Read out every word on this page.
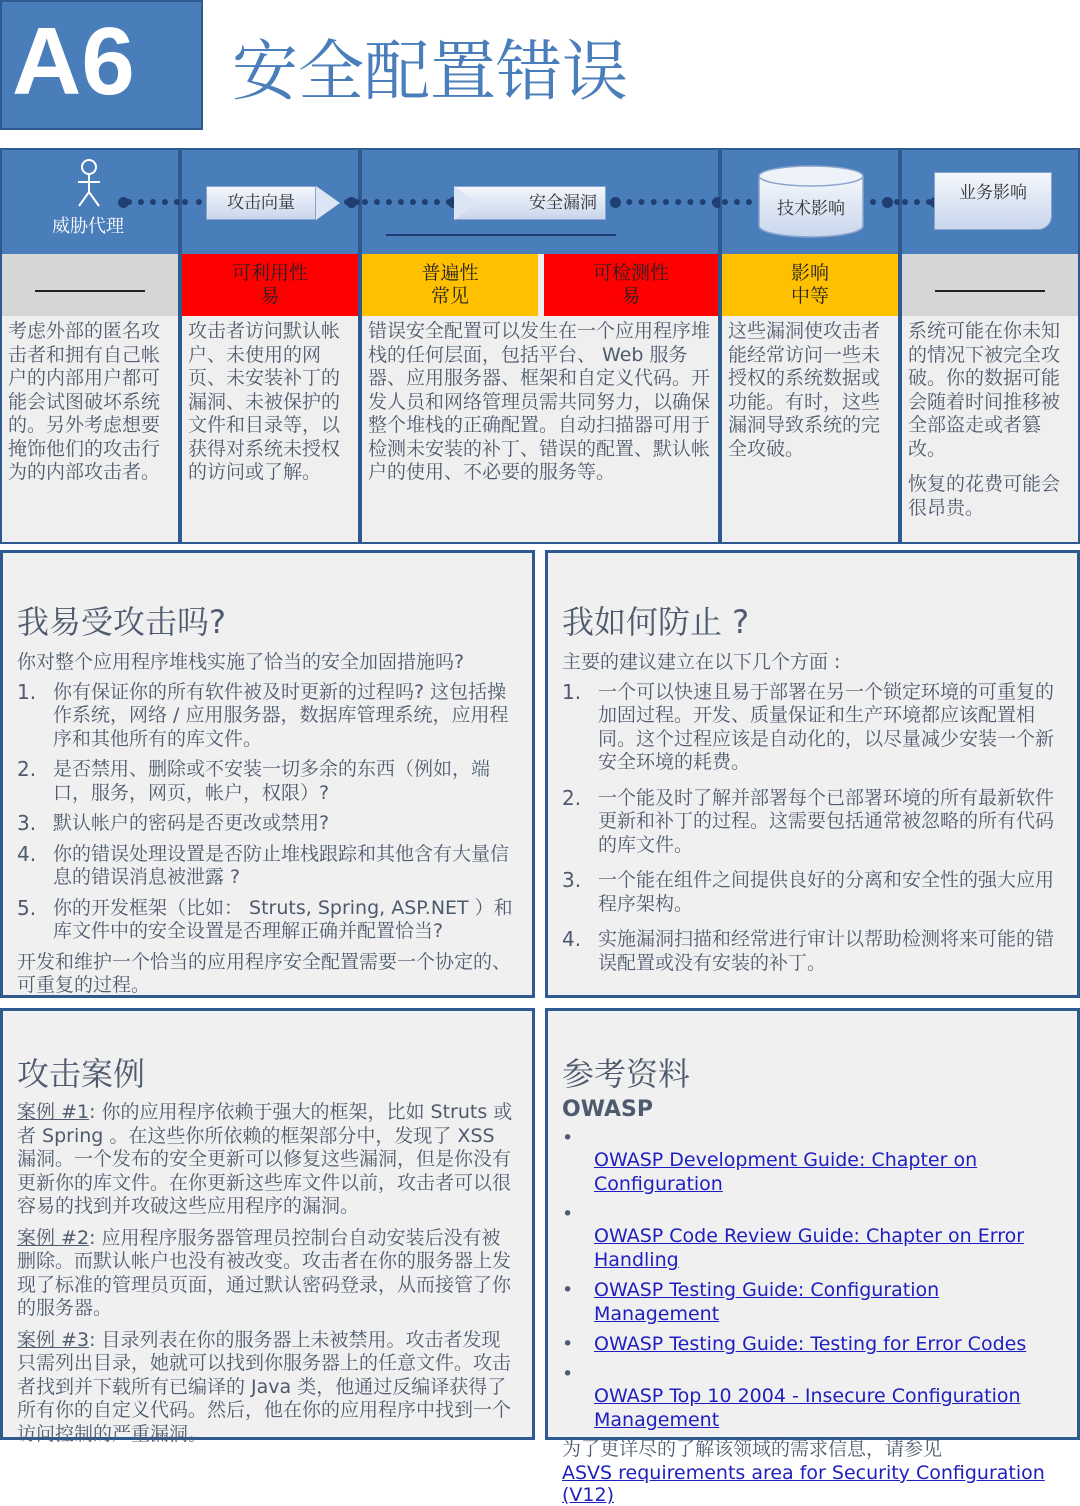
A6 安全配置错误
威胁代理
考虑外部的匿名攻击者和拥有自己帐户的内部用户都可能会试图破坏系统的。另外考虑想要掩饰他们的攻击行为的内部攻击者。
攻击向量
可利用性
易
攻击者访问默认帐户、未使用的网页、未安装补丁的漏洞、未被保护的文件和目录等，以获得对系统未授权的访问或了解。
安全漏洞
普遍性
常见
可检测性
易
错误安全配置可以发生在一个应用程序堆栈的任何层面，包括平台、 Web 服务器、应用服务器、框架和自定义代码。开发人员和网络管理员需共同努力，以确保整个堆栈的正确配置。自动扫描器可用于检测未安装的补丁、错误的配置、默认帐户的使用、不必要的服务等。
技术影响
影响
中等
这些漏洞使攻击者能经常访问一些未授权的系统数据或功能。有时，这些漏洞导致系统的完全攻破。
业务影响

系统可能在你未知的情况下被完全攻破。你的数据可能会随着时间推移被全部盗走或者篡改。

恢复的花费可能会很昂贵。

我易受攻击吗?
你对整个应用程序堆栈实施了恰当的安全加固措施吗?
1. 你有保证你的所有软件被及时更新的过程吗? 这包括操作系统，网络 / 应用服务器，数据库管理系统，应用程序和其他所有的库文件。
2. 是否禁用、删除或不安装一切多余的东西（例如，端口，服务，网页，帐户，权限）?
3. 默认帐户的密码是否更改或禁用?
4. 你的错误处理设置是否防止堆栈跟踪和其他含有大量信息的错误消息被泄露 ?
5. 你的开发框架（比如： Struts, Spring, ASP.NET ）和库文件中的安全设置是否理解正确并配置恰当?
开发和维护一个恰当的应用程序安全配置需要一个协定的、可重复的过程。
我如何防止 ?
主要的建议建立在以下几个方面 :
1. 一个可以快速且易于部署在另一个锁定环境的可重复的加固过程。开发、质量保证和生产环境都应该配置相同。这个过程应该是自动化的，以尽量减少安装一个新安全环境的耗费。
2. 一个能及时了解并部署每个已部署环境的所有最新软件更新和补丁的过程。这需要包括通常被忽略的所有代码的库文件。
3. 一个能在组件之间提供良好的分离和安全性的强大应用程序架构。
4. 实施漏洞扫描和经常进行审计以帮助检测将来可能的错误配置或没有安装的补丁。
攻击案例
案例 #1: 你的应用程序依赖于强大的框架，比如 Struts 或者 Spring 。在这些你所依赖的框架部分中，发现了 XSS 漏洞。一个发布的安全更新可以修复这些漏洞，但是你没有更新你的库文件。在你更新这些库文件以前，攻击者可以很容易的找到并攻破这些应用程序的漏洞。
案例 #2: 应用程序服务器管理员控制台自动安装后没有被删除。而默认帐户也没有被改变。攻击者在你的服务器上发现了标准的管理员页面，通过默认密码登录，从而接管了你的服务器。
案例 #3: 目录列表在你的服务器上未被禁用。攻击者发现只需列出目录，她就可以找到你服务器上的任意文件。攻击者找到并下载所有已编译的 Java 类，他通过反编译获得了所有你的自定义代码。然后，他在你的应用程序中找到一个访问控制的严重漏洞。
参考资料
OWASP
•
OWASP Development Guide: Chapter on Configuration
•
OWASP Code Review Guide: Chapter on Error Handling
• OWASP Testing Guide: Configuration Management
• OWASP Testing Guide: Testing for Error Codes
•
OWASP Top 10 2004 - Insecure Configuration Management
为了更详尽的了解该领域的需求信息，请参见
ASVS requirements area for Security Configuration (V12)
